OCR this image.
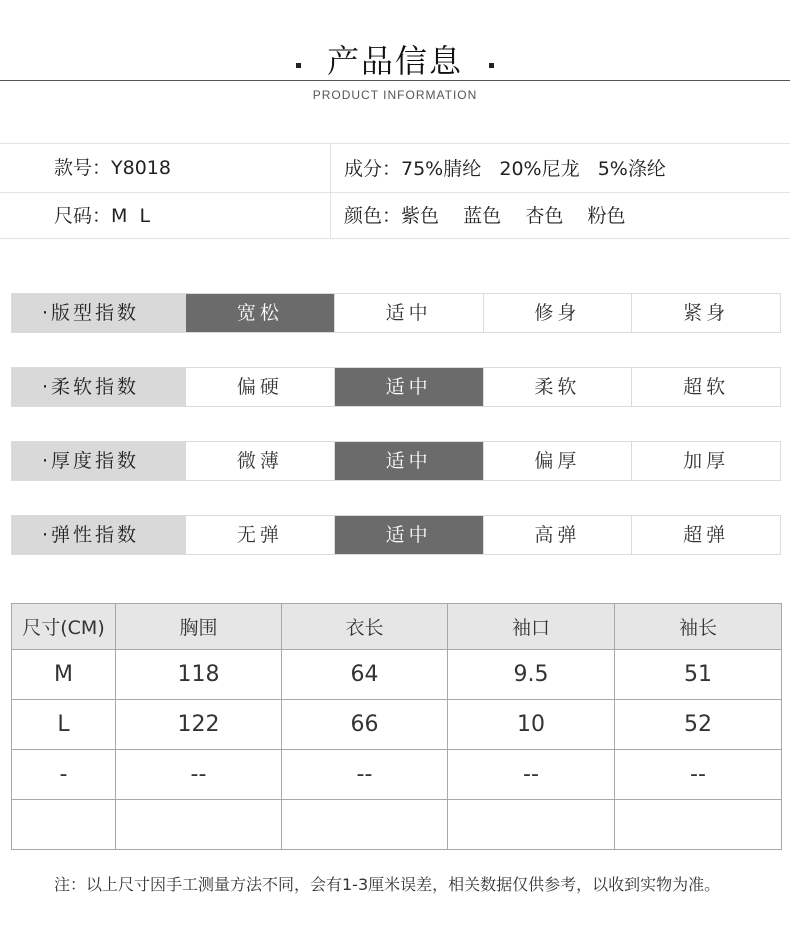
产品信息
PRODUCT INFORMATION
款号：Y8018
尺码：M  L
成分：75%腈纶   20%尼龙   5%涤纶
颜色：紫色    蓝色    杏色    粉色
·版型指数	宽松	适中	修身	紧身
·柔软指数	偏硬	适中	柔软	超软
·厚度指数	微薄	适中	偏厚	加厚
·弹性指数	无弹	适中	高弹	超弹
尺寸(CM)	胸围	衣长	袖口	袖长
M	118	64	9.5	51
L	122	66	10	52
-	--	--	--	--

注：以上尺寸因手工测量方法不同，会有1-3厘米误差，相关数据仅供参考，以收到实物为准。
